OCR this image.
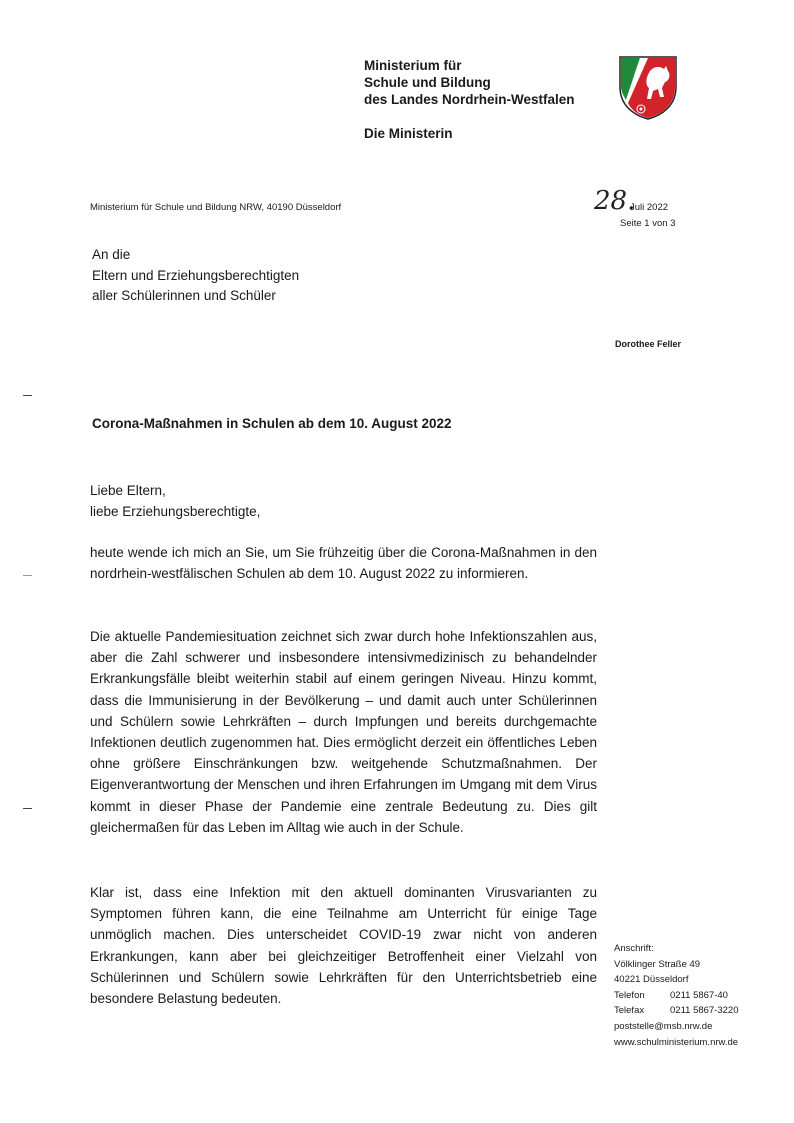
Ministerium für
Schule und Bildung
des Landes Nordrhein-Westfalen
Die Ministerin
Ministerium für Schule und Bildung NRW, 40190 Düsseldorf	28.
Juli 2022
Seite 1 von 3
An die
Eltern und Erziehungsberechtigten
aller Schülerinnen und Schüler
Dorothee Feller
Corona-Maßnahmen in Schulen ab dem 10. August 2022
Liebe Eltern,
liebe Erziehungsberechtigte,
heute wende ich mich an Sie, um Sie frühzeitig über die Corona-Maßnahmen in den nordrhein-westfälischen Schulen ab dem 10. August 2022 zu informieren.
Die aktuelle Pandemiesituation zeichnet sich zwar durch hohe Infektionszahlen aus, aber die Zahl schwerer und insbesondere intensivmedizinisch zu behandelnder Erkrankungsfälle bleibt weiterhin stabil auf einem geringen Niveau. Hinzu kommt, dass die Immunisierung in der Bevölkerung – und damit auch unter Schülerinnen und Schülern sowie Lehrkräften – durch Impfungen und bereits durchgemachte Infektionen deutlich zugenommen hat. Dies ermöglicht derzeit ein öffentliches Leben ohne größere Einschränkungen bzw. weitgehende Schutzmaßnahmen. Der Eigenverantwortung der Menschen und ihren Erfahrungen im Umgang mit dem Virus kommt in dieser Phase der Pandemie eine zentrale Bedeutung zu. Dies gilt gleichermaßen für das Leben im Alltag wie auch in der Schule.
Klar ist, dass eine Infektion mit den aktuell dominanten Virusvarianten zu Symptomen führen kann, die eine Teilnahme am Unterricht für einige Tage unmöglich machen. Dies unterscheidet COVID-19 zwar nicht von anderen Erkrankungen, kann aber bei gleichzeitiger Betroffenheit einer Vielzahl von Schülerinnen und Schülern sowie Lehrkräften für den Unterrichtsbetrieb eine besondere Belastung bedeuten.
Anschrift:
Völklinger Straße 49
40221 Düsseldorf
Telefon	0211 5867-40
Telefax	0211 5867-3220
poststelle@msb.nrw.de
www.schulministerium.nrw.de
